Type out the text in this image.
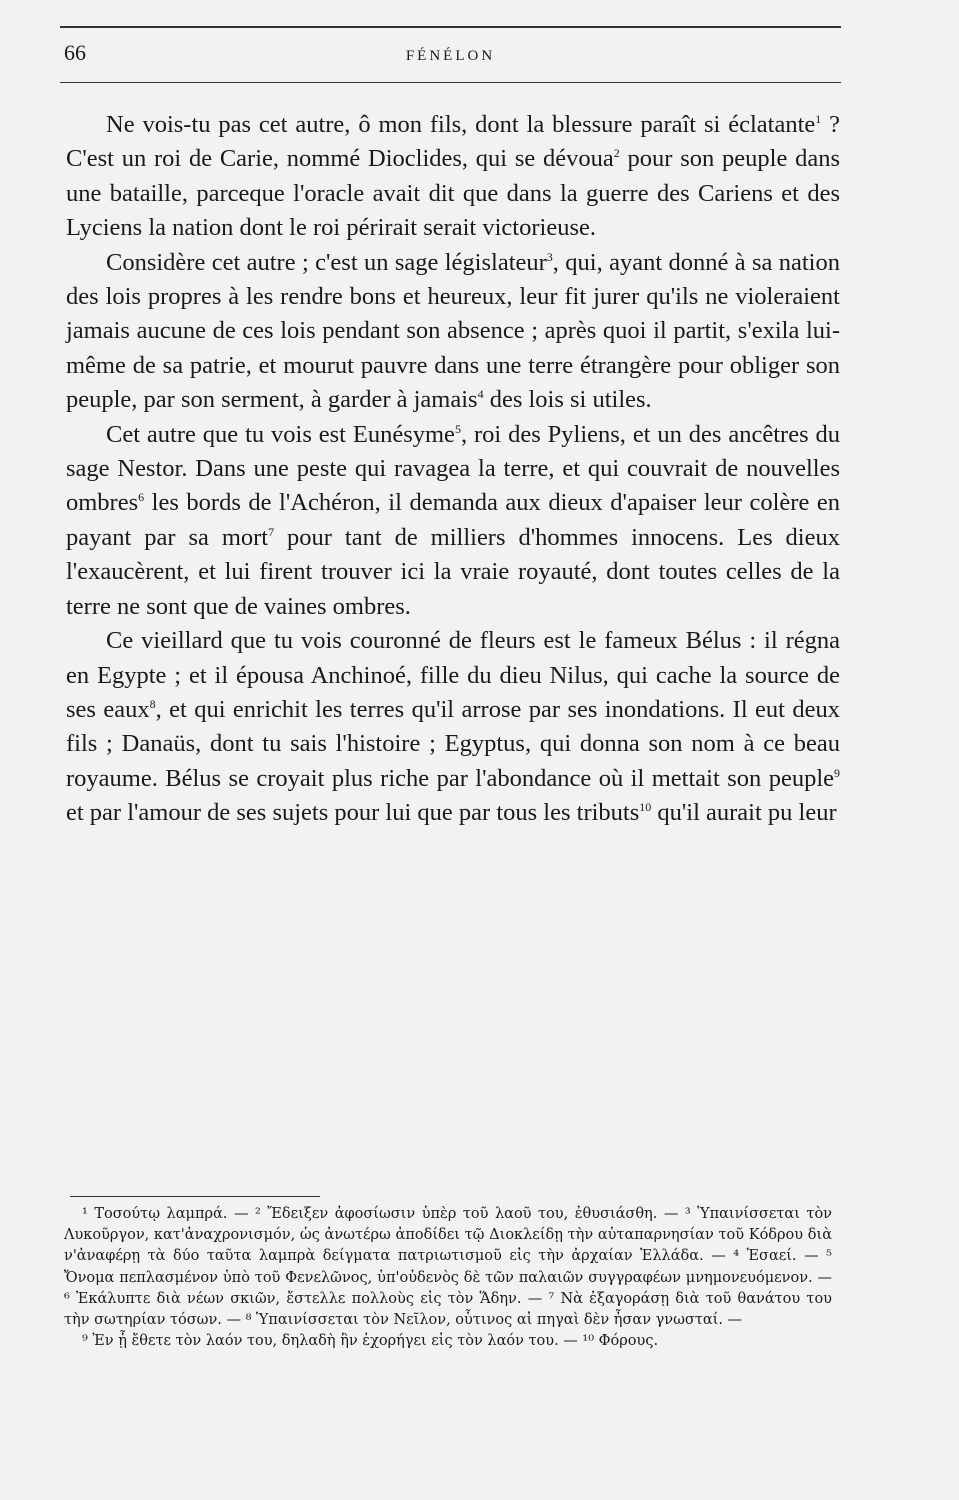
66	FÉNÉLON

Ne vois-tu pas cet autre, ô mon fils, dont la blessure paraît si éclatante$^1$ ? C'est un roi de Carie, nommé Dioclides, qui se dévoua$^2$ pour son peuple dans une bataille, parceque l'oracle avait dit que dans la guerre des Cariens et des Lyciens la nation dont le roi périrait serait victorieuse.

Considère cet autre ; c'est un sage législateur$^3$, qui, ayant donné à sa nation des lois propres à les rendre bons et heureux, leur fit jurer qu'ils ne violeraient jamais aucune de ces lois pendant son absence ; après quoi il partit, s'exila lui-même de sa patrie, et mourut pauvre dans une terre étrangère pour obliger son peuple, par son serment, à garder à jamais$^4$ des lois si utiles.

Cet autre que tu vois est Eunésyme$^5$, roi des Pyliens, et un des ancêtres du sage Nestor. Dans une peste qui ravagea la terre, et qui couvrait de nouvelles ombres$^6$ les bords de l'Achéron, il demanda aux dieux d'apaiser leur colère en payant par sa mort$^7$ pour tant de milliers d'hommes innocens. Les dieux l'exaucèrent, et lui firent trouver ici la vraie royauté, dont toutes celles de la terre ne sont que de vaines ombres.

Ce vieillard que tu vois couronné de fleurs est le fameux Bélus : il régna en Egypte ; et il épousa Anchinoé, fille du dieu Nilus, qui cache la source de ses eaux$^8$, et qui enrichit les terres qu'il arrose par ses inondations. Il eut deux fils ; Danaüs, dont tu sais l'histoire ; Egyptus, qui donna son nom à ce beau royaume. Bélus se croyait plus riche par l'abondance où il mettait son peuple$^9$ et par l'amour de ses sujets pour lui que par tous les tributs$^{10}$ qu'il aurait pu leur

¹ Τοσούτῳ λαμπρά. — ² Ἔδειξεν ἀφοσίωσιν ὑπὲρ τοῦ λαοῦ του, ἐθυσιάσθη. — ³ Ὑπαινίσσεται τὸν Λυκοῦργον, κατ'ἀναχρονισμόν, ὡς ἀνωτέρω ἀποδίδει τῷ Διοκλείδῃ τὴν αὐταπαρνησίαν τοῦ Κόδρου διὰ ν'ἀναφέρῃ τὰ δύο ταῦτα λαμπρὰ δείγματα πατριωτισμοῦ εἰς τὴν ἀρχαίαν Ἑλλάδα. — ⁴ Ἐσαεί. — ⁵ Ὄνομα πεπλασμένον ὑπὸ τοῦ Φενελῶνος, ὑπ'οὐδενὸς δὲ τῶν παλαιῶν συγγραφέων μνημονευόμενον. — ⁶ Ἐκάλυπτε διὰ νέων σκιῶν, ἔστελλε πολλοὺς εἰς τὸν Ἅδην. — ⁷ Νὰ ἐξαγοράσῃ διὰ τοῦ θανάτου του τὴν σωτηρίαν τόσων. — ⁸ Ὑπαινίσσεται τὸν Νεῖλον, οὗτινος αἱ πηγαὶ δὲν ἦσαν γνωσταί. —

⁹ Ἐν ᾗ ἔθετε τὸν λαόν του, δηλαδὴ ἣν ἐχορήγει εἰς τὸν λαόν του. — ¹⁰ Φόρους.
